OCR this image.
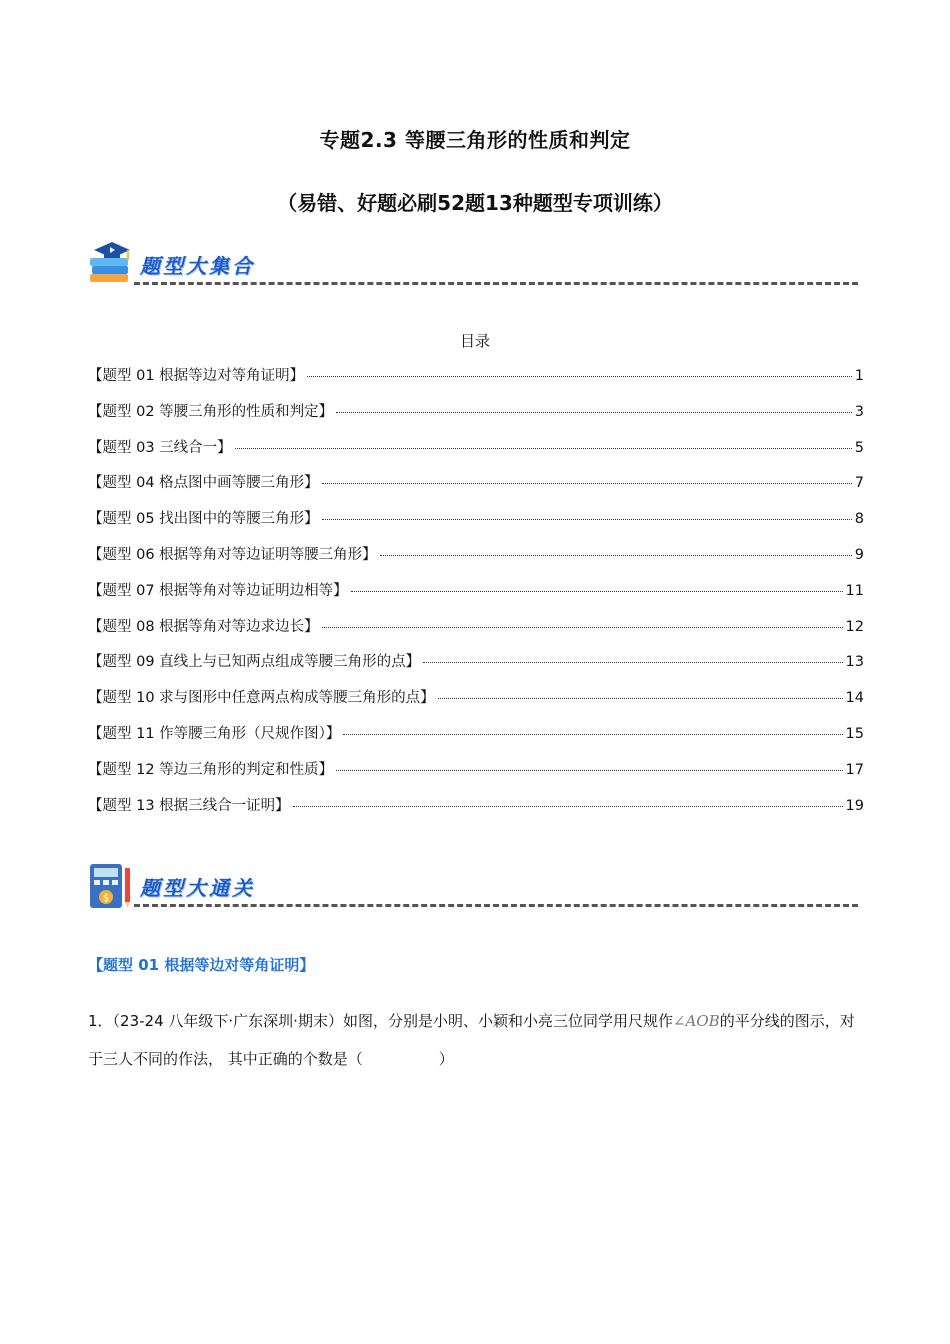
专题2.3 等腰三角形的性质和判定
（易错、好题必刷52题13种题型专项训练）
题型大集合
目录
【题型 01 根据等边对等角证明】	1
【题型 02 等腰三角形的性质和判定】	3
【题型 03 三线合一】	5
【题型 04 格点图中画等腰三角形】	7
【题型 05 找出图中的等腰三角形】	8
【题型 06 根据等角对等边证明等腰三角形】	9
【题型 07 根据等角对等边证明边相等】	11
【题型 08 根据等角对等边求边长】	12
【题型 09 直线上与已知两点组成等腰三角形的点】	13
【题型 10 求与图形中任意两点构成等腰三角形的点】	14
【题型 11 作等腰三角形（尺规作图）】	15
【题型 12 等边三角形的判定和性质】	17
【题型 13 根据三线合一证明】	19
$ 题型大通关
【题型 01 根据等边对等角证明】
1．（23-24 八年级下·广东深圳·期末）如图，分别是小明、小颖和小亮三位同学用尺规作∠AOB的平分线的图示，对于三人不同的作法， 其中正确的个数是（	）
